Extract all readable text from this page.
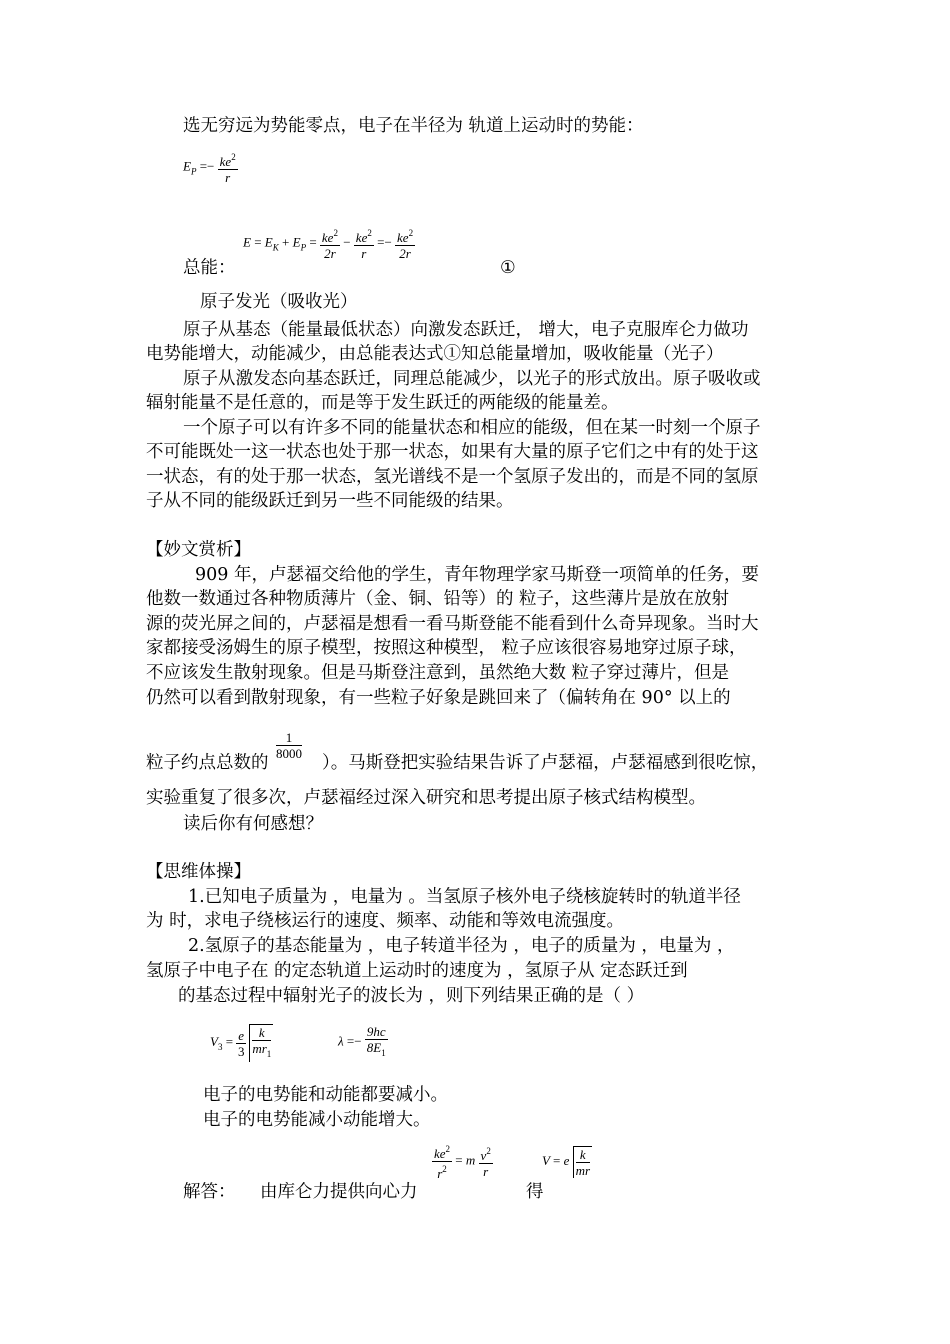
选无穷远为势能零点，电子在半径为 轨道上运动时的势能：
$E_P =- \frac{ke^2}{r}$
$E = E_K + E_P = \frac{ke^2}{2r} - \frac{ke^2}{r} =- \frac{ke^2}{2r}$
总能：	①
原子发光（吸收光）
原子从基态（能量最低状态）向激发态跃迁， 增大，电子克服库仑力做功
电势能增大，动能减少，由总能表达式①知总能量增加，吸收能量（光子）
原子从激发态向基态跃迁，同理总能减少，以光子的形式放出。原子吸收或
辐射能量不是任意的，而是等于发生跃迁的两能级的能量差。
一个原子可以有许多不同的能量状态和相应的能级，但在某一时刻一个原子
不可能既处一这一状态也处于那一状态，如果有大量的原子它们之中有的处于这
一状态，有的处于那一状态，氢光谱线不是一个氢原子发出的，而是不同的氢原
子从不同的能级跃迁到另一些不同能级的结果。
【妙文赏析】
909 年，卢瑟福交给他的学生，青年物理学家马斯登一项简单的任务，要
他数一数通过各种物质薄片（金、铜、铅等）的 粒子，这些薄片是放在放射
源的荧光屏之间的，卢瑟福是想看一看马斯登能不能看到什么奇异现象。当时大
家都接受汤姆生的原子模型，按照这种模型， 粒子应该很容易地穿过原子球，
不应该发生散射现象。但是马斯登注意到，虽然绝大数 粒子穿过薄片，但是
仍然可以看到散射现象，有一些粒子好象是跳回来了（偏转角在 90° 以上的
$\frac{1}{8000}$
粒子约点总数的	）。马斯登把实验结果告诉了卢瑟福，卢瑟福感到很吃惊，
实验重复了很多次，卢瑟福经过深入研究和思考提出原子核式结构模型。
读后你有何感想？
【思维体操】
1.已知电子质量为 ，电量为 。当氢原子核外电子绕核旋转时的轨道半径
为 时，求电子绕核运行的速度、频率、动能和等效电流强度。
2.氢原子的基态能量为 ，电子转道半径为 ，电子的质量为 ，电量为 ，
氢原子中电子在 的定态轨道上运动时的速度为 ，氢原子从 定态跃迁到
的基态过程中辐射光子的波长为 ，则下列结果正确的是（ ）
$V_3 = \frac{e}{3}$
$\frac{k}{mr_1}$	$\lambda =- \frac{9hc}{8E_1}$
电子的电势能和动能都要减小。
电子的电势能减小动能增大。
$\frac{ke^2}{r^2} = m \frac{v^2}{r}$	V = e $\frac{k}{mr}$
解答： 由库仑力提供向心力	得
